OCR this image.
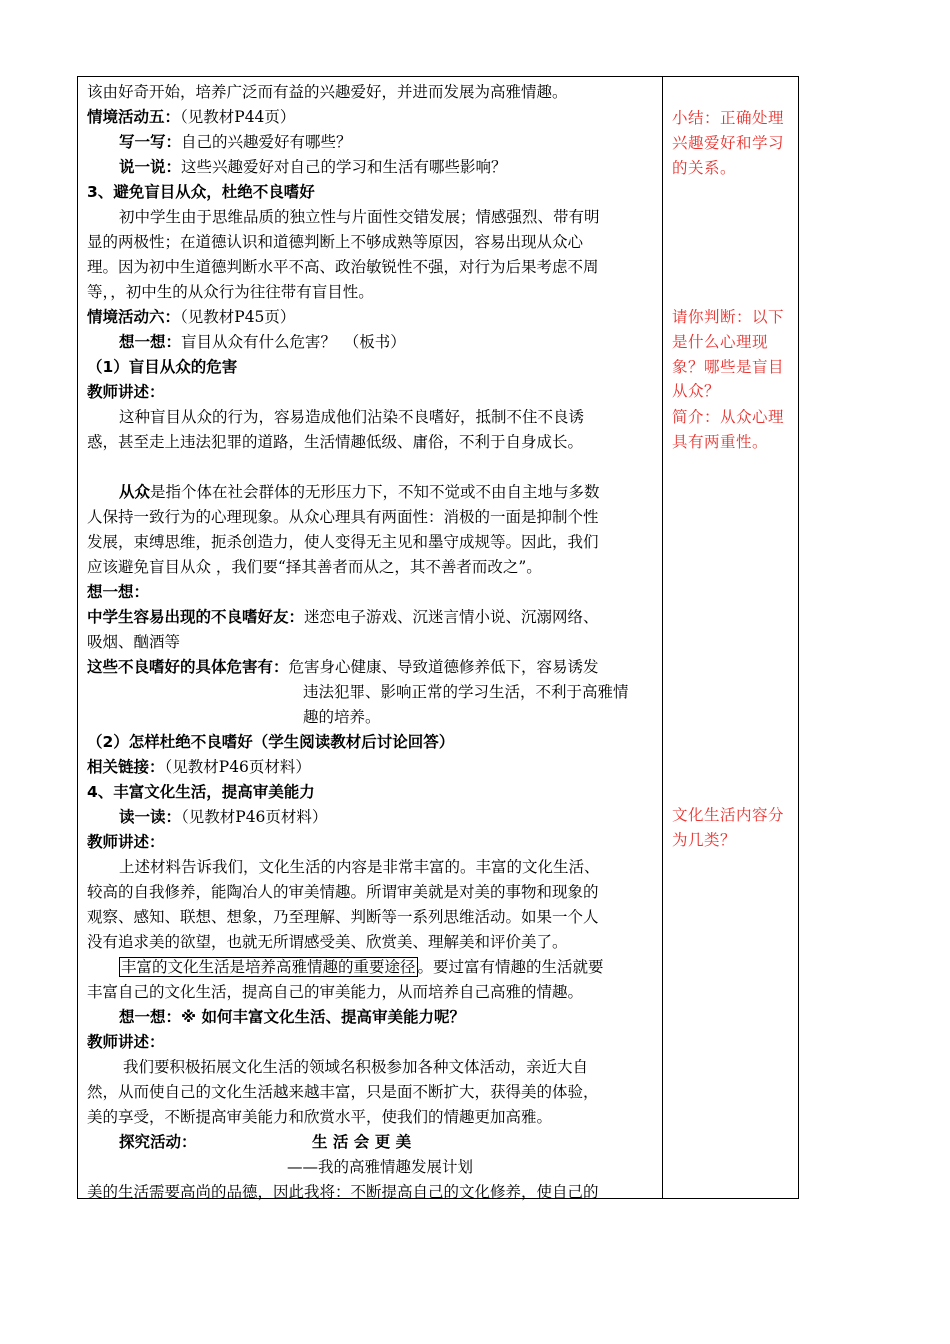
该由好奇开始，培养广泛而有益的兴趣爱好，并进而发展为高雅情趣。
情境活动五：（见教材P44页）
写一写：自己的兴趣爱好有哪些？
说一说：这些兴趣爱好对自己的学习和生活有哪些影响？
3、避免盲目从众，杜绝不良嗜好
初中学生由于思维品质的独立性与片面性交错发展；情感强烈、带有明
显的两极性；在道德认识和道德判断上不够成熟等原因，容易出现从众心
理。因为初中生道德判断水平不高、政治敏锐性不强，对行为后果考虑不周
等，，初中生的从众行为往往带有盲目性。
情境活动六：（见教材P45页）
想一想：盲目从众有什么危害？　（板书）
（1）盲目从众的危害
教师讲述：
这种盲目从众的行为，容易造成他们沾染不良嗜好，抵制不住不良诱
惑，甚至走上违法犯罪的道路，生活情趣低级、庸俗，不利于自身成长。
从众是指个体在社会群体的无形压力下，不知不觉或不由自主地与多数
人保持一致行为的心理现象。从众心理具有两面性：消极的一面是抑制个性
发展，束缚思维，扼杀创造力，使人变得无主见和墨守成规等。因此，我们
应该避免盲目从众 ，我们要“择其善者而从之，其不善者而改之”。
想一想：
中学生容易出现的不良嗜好友：迷恋电子游戏、沉迷言情小说、沉溺网络、
吸烟、酗酒等
这些不良嗜好的具体危害有：危害身心健康、导致道德修养低下，容易诱发
违法犯罪、影响正常的学习生活，不利于高雅情
趣的培养。
（2）怎样杜绝不良嗜好（学生阅读教材后讨论回答）
相关链接：（见教材P46页材料）
4、丰富文化生活，提高审美能力
读一读：（见教材P46页材料）
教师讲述：
上述材料告诉我们，文化生活的内容是非常丰富的。丰富的文化生活、
较高的自我修养，能陶冶人的审美情趣。所谓审美就是对美的事物和现象的
观察、感知、联想、想象，乃至理解、判断等一系列思维活动。如果一个人
没有追求美的欲望，也就无所谓感受美、欣赏美、理解美和评价美了。
丰富的文化生活是培养高雅情趣的重要途径 。要过富有情趣的生活就要
丰富自己的文化生活，提高自己的审美能力，从而培养自己高雅的情趣。
想一想：※ 如何丰富文化生活、提高审美能力呢？
教师讲述：
我们要积极拓展文化生活的领域名积极参加各种文体活动，亲近大自
然，从而使自己的文化生活越来越丰富，只是面不断扩大，获得美的体验，
美的享受，不断提高审美能力和欣赏水平，使我们的情趣更加高雅。
探究活动：	生 活 会 更 美
——我的高雅情趣发展计划
美的生活需要高尚的品德，因此我将：不断提高自己的文化修养，使自己的
小结：正确处理兴趣爱好和学习的关系。
请你判断：以下是什么心理现象？哪些是盲目从众？
简介：从众心理具有两重性。
文化生活内容分为几类？
